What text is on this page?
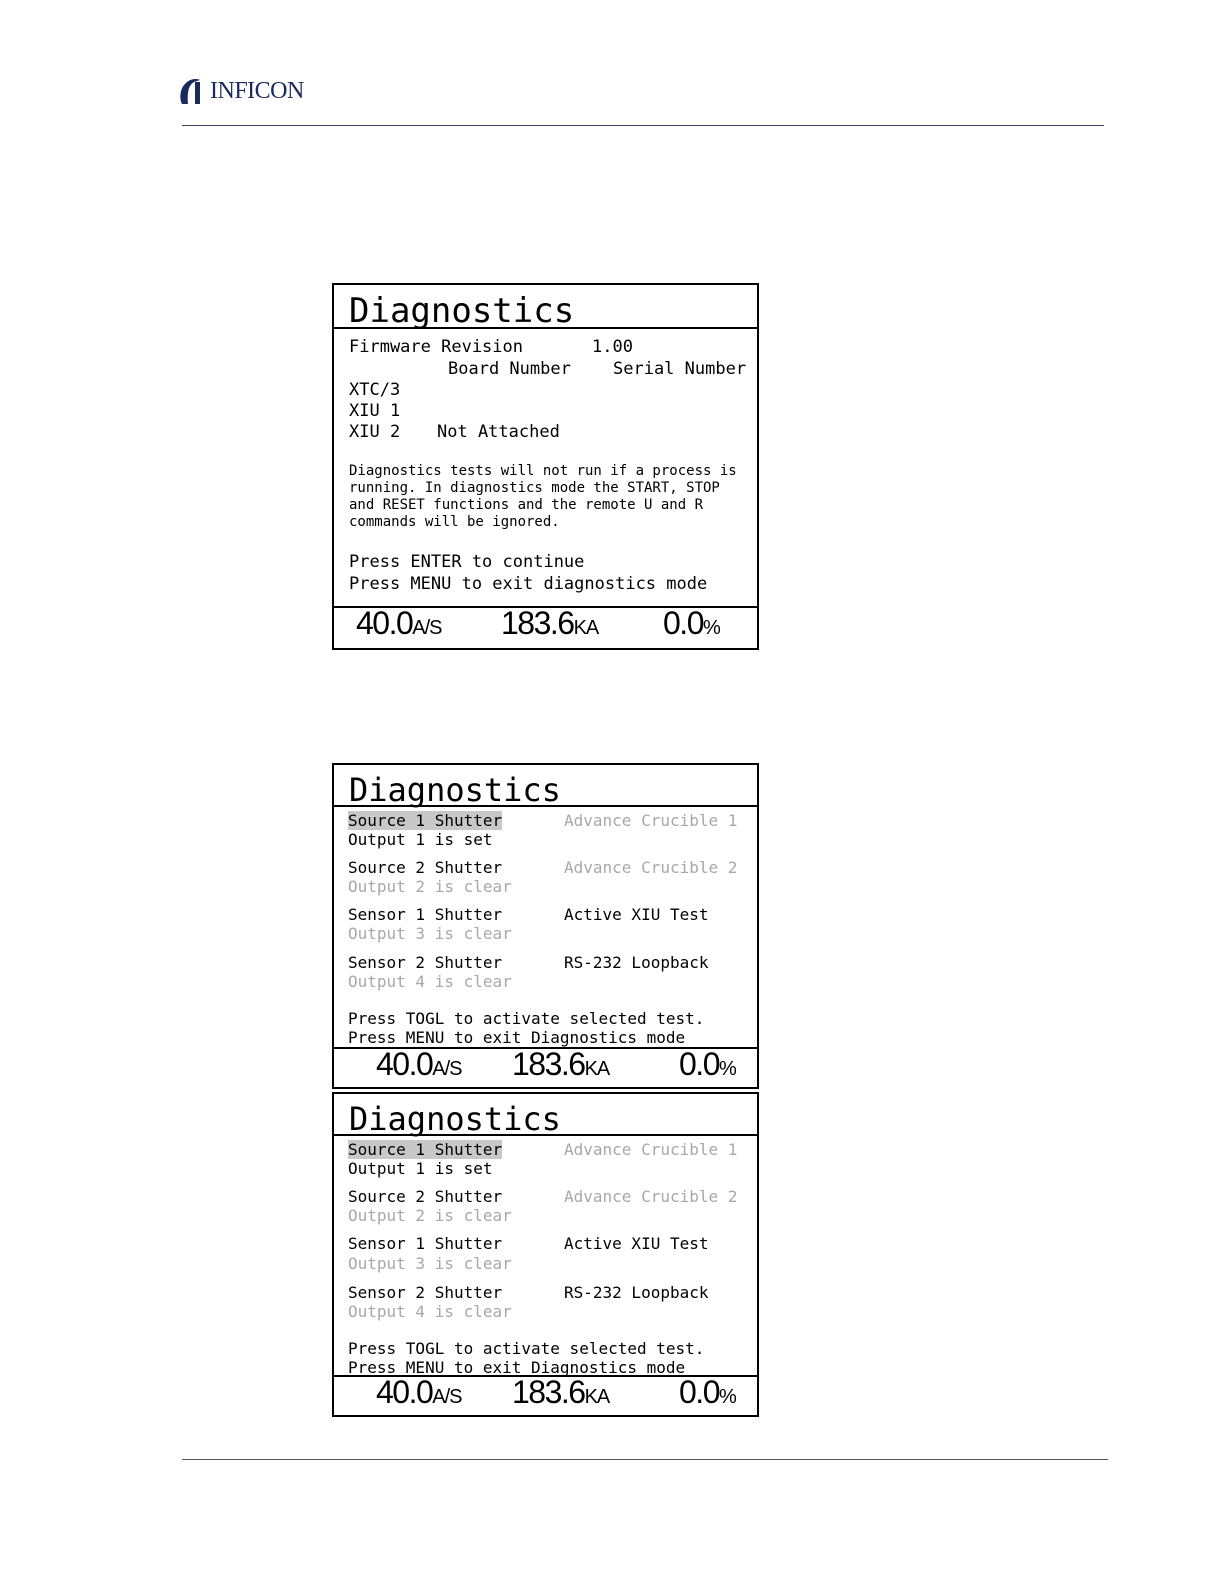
INFICON
Diagnostics
Firmware Revision	1.00
Board Number Serial Number
XTC/3
XIU 1
XIU 2 Not Attached
Diagnostics tests will not run if a process is
running. In diagnostics mode the START, STOP
and RESET functions and the remote U and R
commands will be ignored.
Press ENTER to continue
Press MENU to exit diagnostics mode
40.0A/S 183.6KA 0.0%
Diagnostics
Source 1 Shutter
Output 1 is set
Source 2 Shutter
Output 2 is clear
Sensor 1 Shutter
Output 3 is clear
Sensor 2 Shutter
Output 4 is clear
Advance Crucible 1
Advance Crucible 2
Active XIU Test
RS-232 Loopback
Press TOGL to activate selected test.
Press MENU to exit Diagnostics mode
40.0A/S 183.6KA 0.0%
Diagnostics
Source 1 Shutter
Output 1 is set
Source 2 Shutter
Output 2 is clear
Sensor 1 Shutter
Output 3 is clear
Sensor 2 Shutter
Output 4 is clear
Advance Crucible 1
Advance Crucible 2
Active XIU Test
RS-232 Loopback
Press TOGL to activate selected test.
Press MENU to exit Diagnostics mode
40.0A/S 183.6KA 0.0%
